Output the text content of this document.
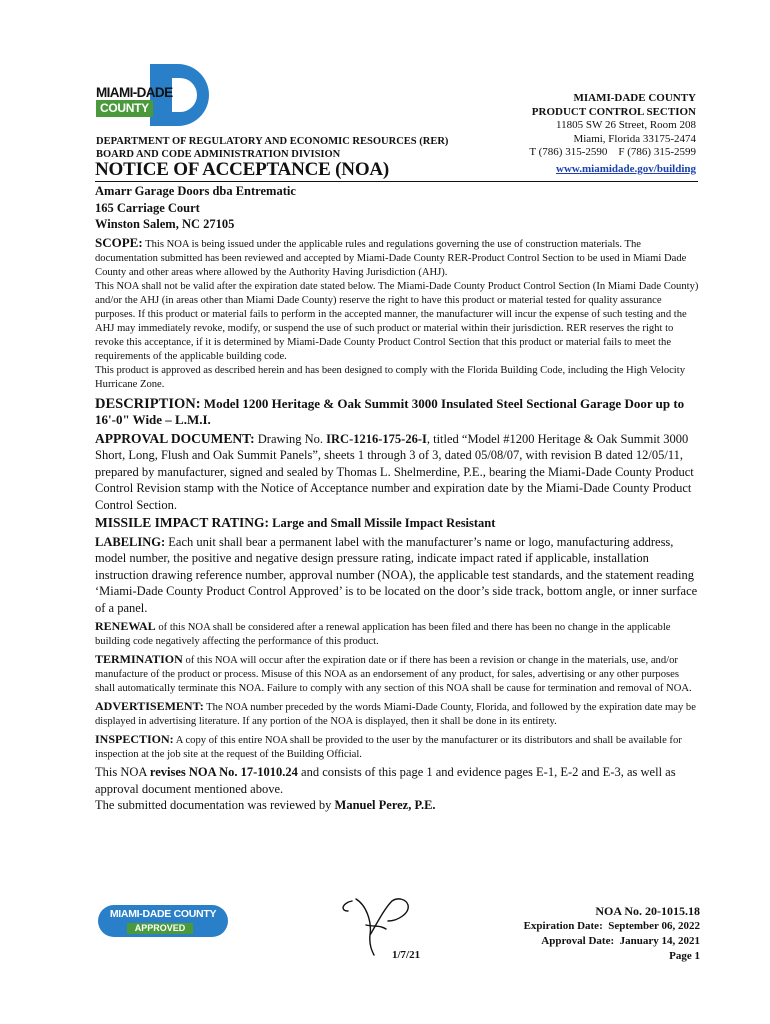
MIAMI-DADE
COUNTY
MIAMI-DADE COUNTY
PRODUCT CONTROL SECTION
11805 SW 26 Street, Room 208
Miami, Florida 33175-2474
T (786) 315-2590    F (786) 315-2599
www.miamidade.gov/building
DEPARTMENT OF REGULATORY AND ECONOMIC RESOURCES (RER)
BOARD AND CODE ADMINISTRATION DIVISION
NOTICE OF ACCEPTANCE (NOA)
Amarr Garage Doors dba Entrematic
165 Carriage Court
Winston Salem, NC 27105

SCOPE: This NOA is being issued under the applicable rules and regulations governing the use of construction materials. The documentation submitted has been reviewed and accepted by Miami-Dade County RER-Product Control Section to be used in Miami Dade County and other areas where allowed by the Authority Having Jurisdiction (AHJ).

This NOA shall not be valid after the expiration date stated below. The Miami-Dade County Product Control Section (In Miami Dade County) and/or the AHJ (in areas other than Miami Dade County) reserve the right to have this product or material tested for quality assurance purposes. If this product or material fails to perform in the accepted manner, the manufacturer will incur the expense of such testing and the AHJ may immediately revoke, modify, or suspend the use of such product or material within their jurisdiction. RER reserves the right to revoke this acceptance, if it is determined by Miami-Dade County Product Control Section that this product or material fails to meet the requirements of the applicable building code.

This product is approved as described herein and has been designed to comply with the Florida Building Code, including the High Velocity Hurricane Zone.

DESCRIPTION: Model 1200 Heritage & Oak Summit 3000 Insulated Steel Sectional Garage Door up to 16'-0" Wide – L.M.I.

APPROVAL DOCUMENT: Drawing No. IRC-1216-175-26-I, titled “Model #1200 Heritage & Oak Summit 3000 Short, Long, Flush and Oak Summit Panels”, sheets 1 through 3 of 3, dated 05/08/07, with revision B dated 12/05/11, prepared by manufacturer, signed and sealed by Thomas L. Shelmerdine, P.E., bearing the Miami-Dade County Product Control Revision stamp with the Notice of Acceptance number and expiration date by the Miami-Dade County Product Control Section.

MISSILE IMPACT RATING: Large and Small Missile Impact Resistant

LABELING: Each unit shall bear a permanent label with the manufacturer’s name or logo, manufacturing address, model number, the positive and negative design pressure rating, indicate impact rated if applicable, installation instruction drawing reference number, approval number (NOA), the applicable test standards, and the statement reading ‘Miami-Dade County Product Control Approved’ is to be located on the door’s side track, bottom angle, or inner surface of a panel.

RENEWAL of this NOA shall be considered after a renewal application has been filed and there has been no change in the applicable building code negatively affecting the performance of this product.

TERMINATION of this NOA will occur after the expiration date or if there has been a revision or change in the materials, use, and/or manufacture of the product or process. Misuse of this NOA as an endorsement of any product, for sales, advertising or any other purposes shall automatically terminate this NOA. Failure to comply with any section of this NOA shall be cause for termination and removal of NOA.

ADVERTISEMENT: The NOA number preceded by the words Miami-Dade County, Florida, and followed by the expiration date may be displayed in advertising literature. If any portion of the NOA is displayed, then it shall be done in its entirety.

INSPECTION: A copy of this entire NOA shall be provided to the user by the manufacturer or its distributors and shall be available for inspection at the job site at the request of the Building Official.

This NOA revises NOA No. 17-1010.24 and consists of this page 1 and evidence pages E-1, E-2 and E-3, as well as approval document mentioned above.

The submitted documentation was reviewed by Manuel Perez, P.E.

MIAMI-DADE COUNTY
APPROVED
1/7/21
NOA No. 20-1015.18
Expiration Date:  September 06, 2022
Approval Date:  January 14, 2021
Page 1
